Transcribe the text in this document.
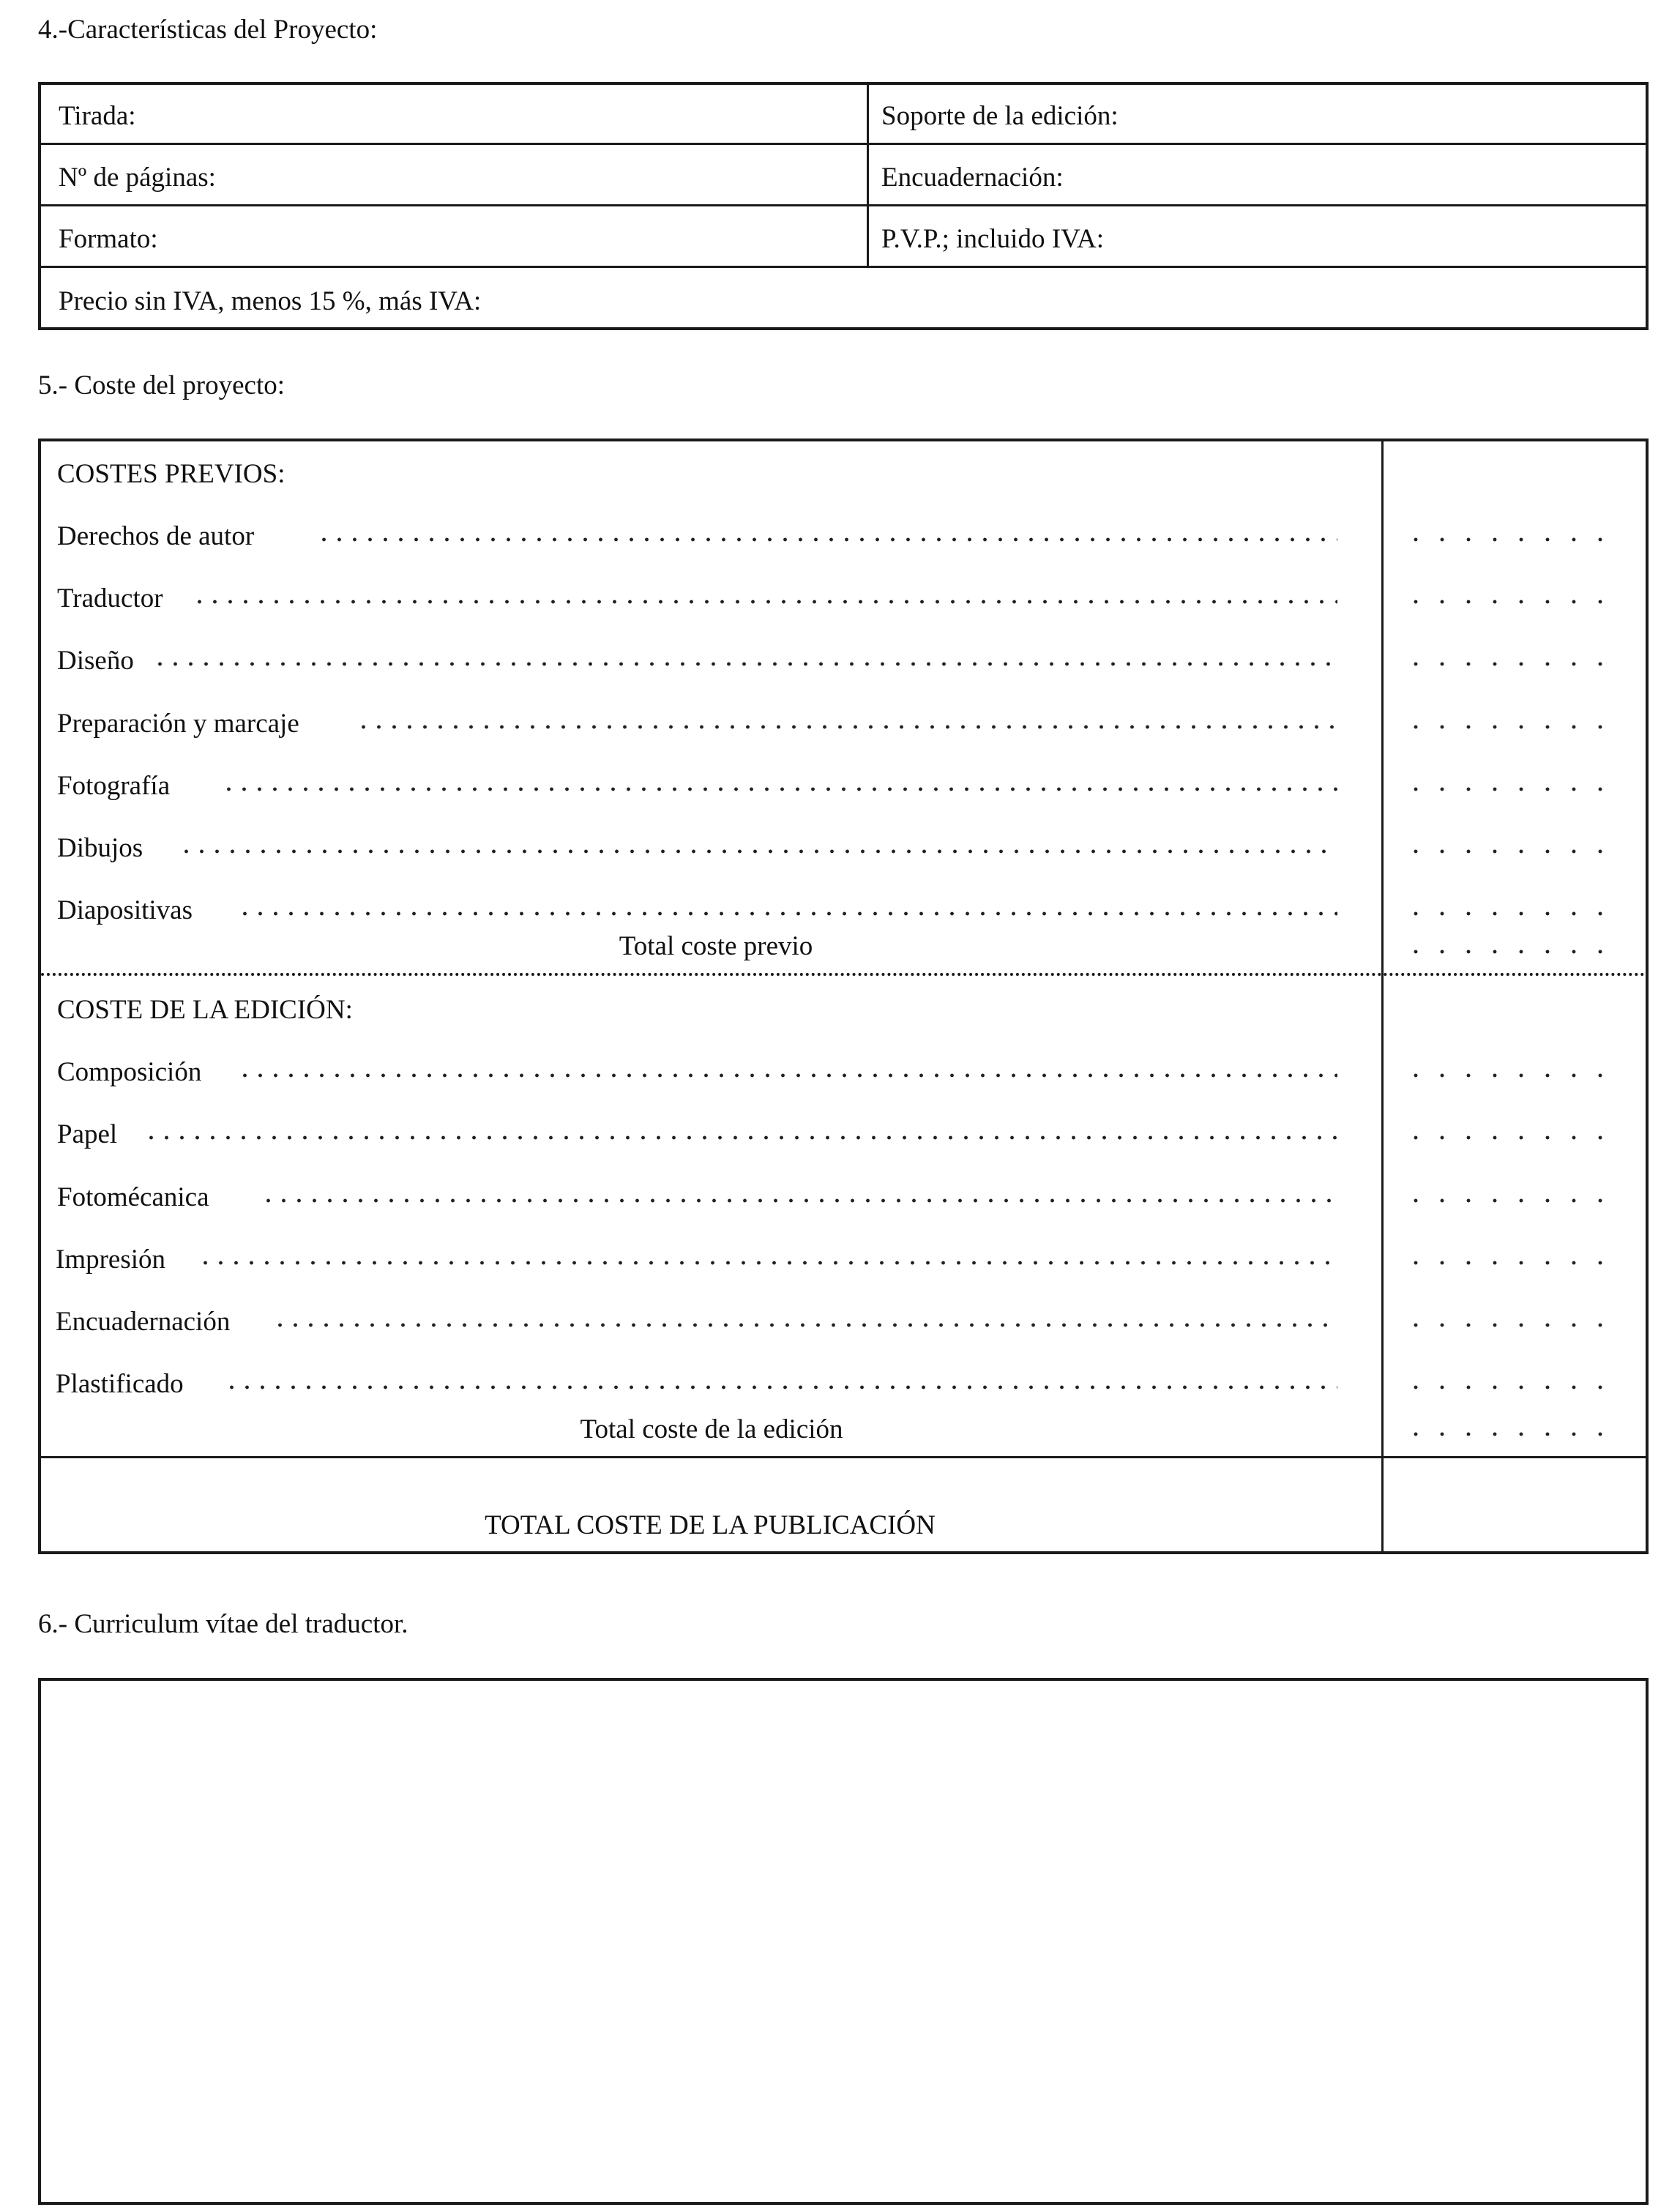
4.-Características del Proyecto:
Tirada:	Soporte de la edición:
Nº de páginas:	Encuadernación:
Formato:	P.V.P.; incluido IVA:
Precio sin IVA, menos 15 %, más IVA:
5.- Coste del proyecto:
COSTES PREVIOS:
Derechos de autor
Traductor
Diseño
Preparación y marcaje
Fotografía
Dibujos
Diapositivas
Total coste previo
COSTE DE LA EDICIÓN:
Composición
Papel
Fotomécanica
Impresión
Encuadernación
Plastificado
Total coste de la edición
TOTAL COSTE DE LA PUBLICACIÓN
6.- Curriculum vítae del traductor.
